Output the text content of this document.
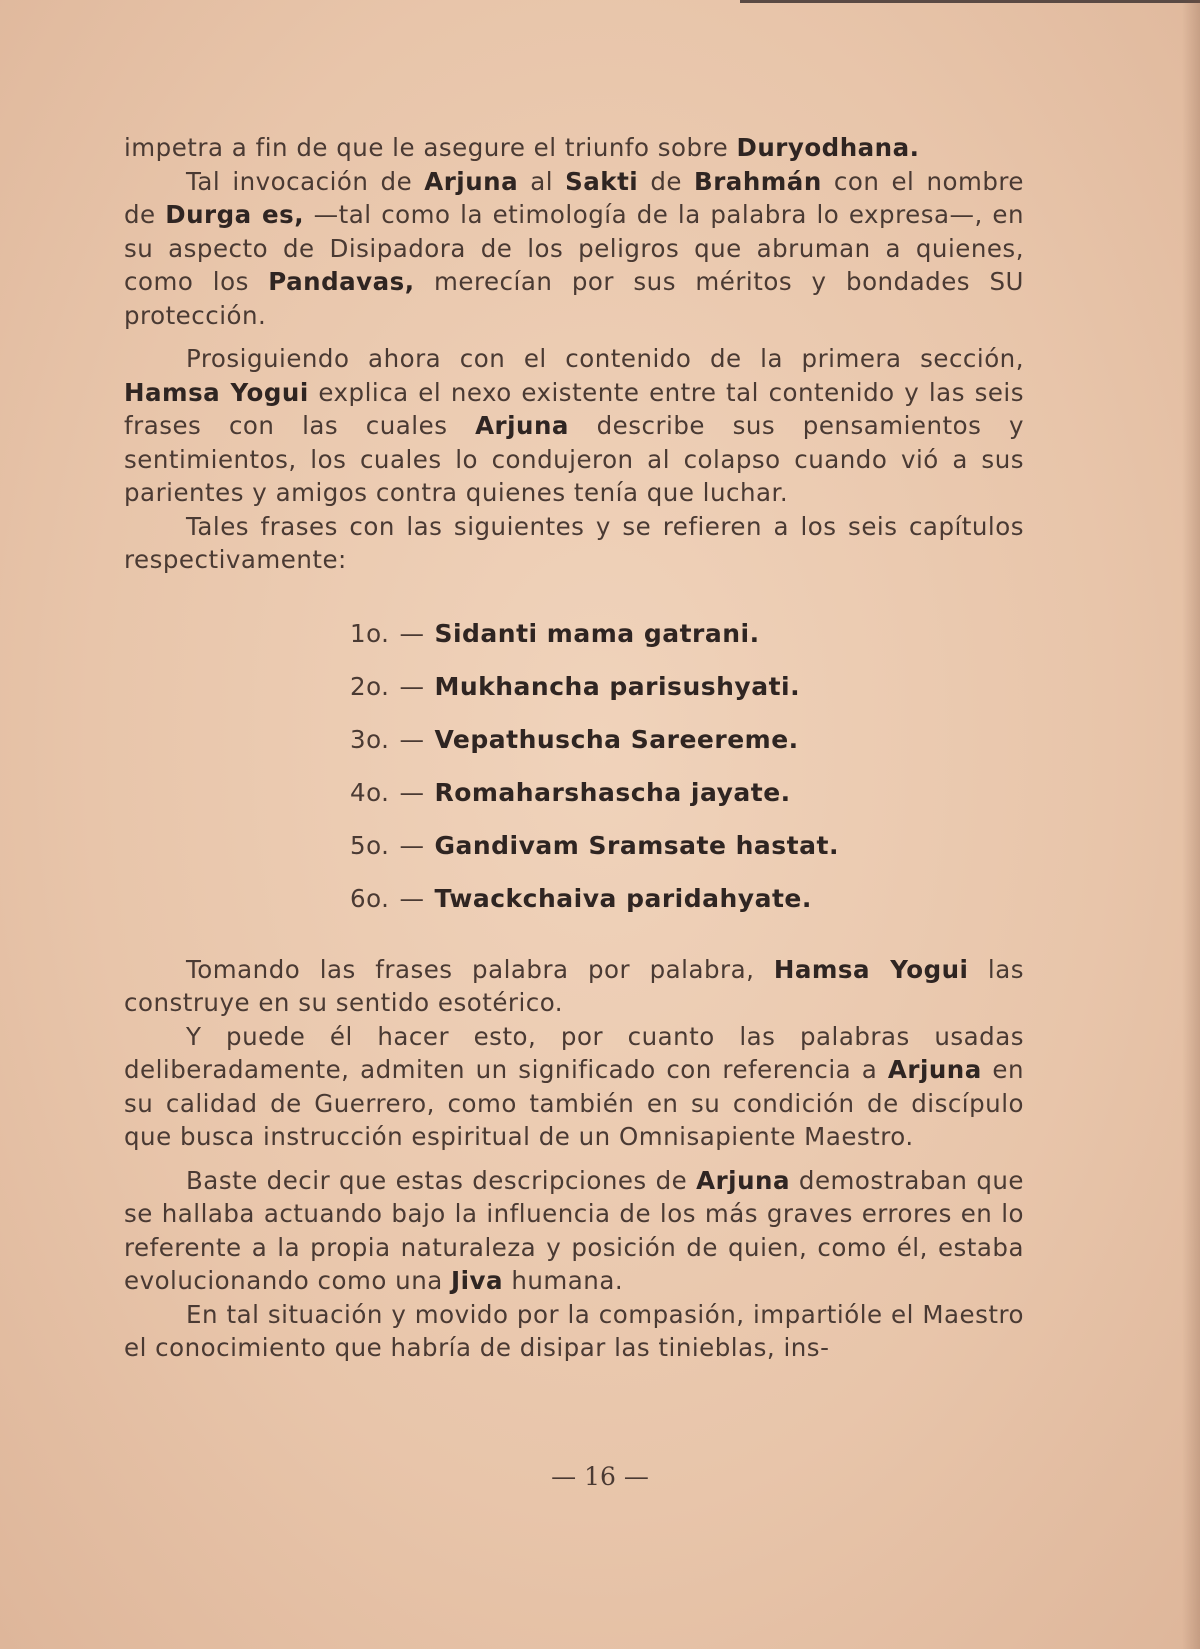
impetra a fin de que le asegure el triunfo sobre Duryodhana.

Tal invocación de Arjuna al Sakti de Brahmán con el nombre de Durga es, —tal como la etimología de la palabra lo expresa—, en su aspecto de Disipadora de los peligros que abruman a quienes, como los Pandavas, merecían por sus méritos y bondades SU protección.

Prosiguiendo ahora con el contenido de la primera sección, Hamsa Yogui explica el nexo existente entre tal contenido y las seis frases con las cuales Arjuna describe sus pensamientos y sentimientos, los cuales lo condujeron al colapso cuando vió a sus parientes y amigos contra quienes tenía que luchar.

Tales frases con las siguientes y se refieren a los seis capítulos respectivamente:

1o. — Sidanti mama gatrani.
2o. — Mukhancha parisushyati.
3o. — Vepathuscha Sareereme.
4o. — Romaharshascha jayate.
5o. — Gandivam Sramsate hastat.
6o. — Twackchaiva paridahyate.

Tomando las frases palabra por palabra, Hamsa Yogui las construye en su sentido esotérico.

Y puede él hacer esto, por cuanto las palabras usadas deliberadamente, admiten un significado con referencia a Arjuna en su calidad de Guerrero, como también en su condición de discípulo que busca instrucción espiritual de un Omnisapiente Maestro.

Baste decir que estas descripciones de Arjuna demostraban que se hallaba actuando bajo la influencia de los más graves errores en lo referente a la propia naturaleza y posición de quien, como él, estaba evolucionando como una Jiva humana.

En tal situación y movido por la compasión, impartióle el Maestro el conocimiento que habría de disipar las tinieblas, ins-

— 16 —
